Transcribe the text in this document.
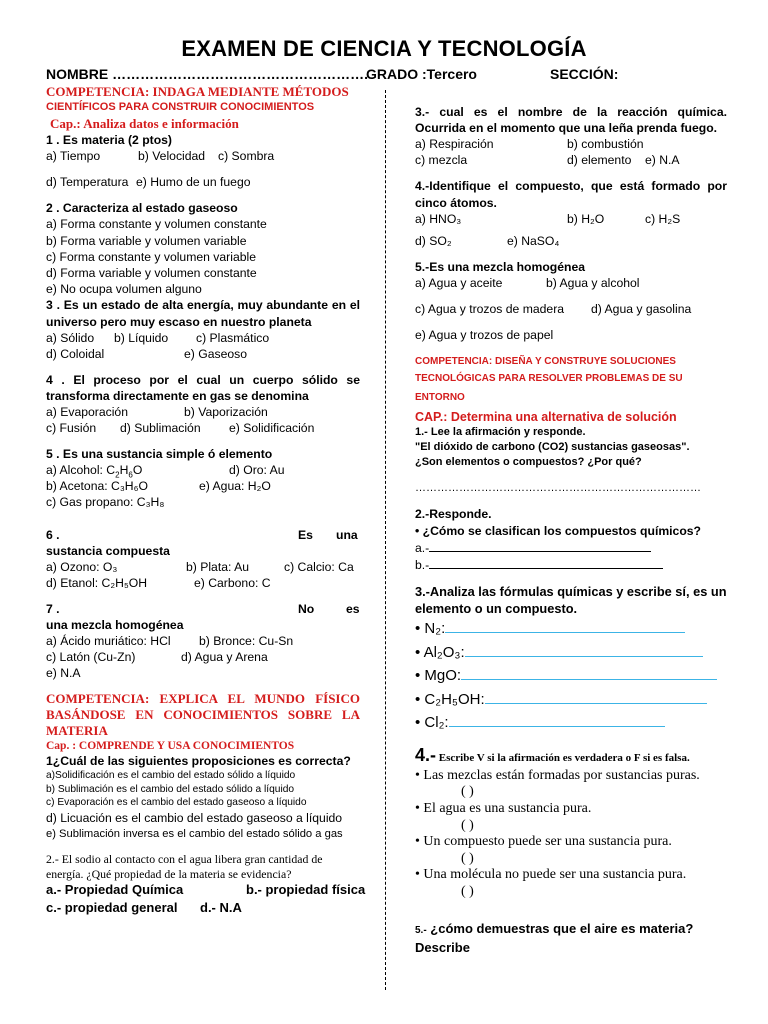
EXAMEN DE CIENCIA Y TECNOLOGÍA
NOMBRE ……………………………………………….
GRADO :Tercero	SECCIÓN:

COMPETENCIA: INDAGA MEDIANTE MÉTODOS

CIENTÍFICOS PARA CONSTRUIR CONOCIMIENTOS

Cap.: Analiza datos e información

1 . Es materia (2 ptos)

a) Tiempo	b) Velocidad c) Sombra
d) Temperatura e) Humo de un fuego

2 . Caracteriza al estado gaseoso

a) Forma constante y volumen constante

b) Forma variable y volumen variable

c) Forma constante y volumen variable

d) Forma variable y volumen constante

e) No ocupa volumen alguno

3 . Es un estado de alta energía, muy abundante en el universo pero muy escaso en nuestro planeta

a) Sólido b) Líquido c) Plasmático
d) Coloidal	e) Gaseoso

4 . El proceso por el cual un cuerpo sólido se transforma directamente en gas se denomina

a) Evaporación	b) Vaporización
c) Fusión d) Sublimación e) Solidificación

5 . Es una sustancia simple ó elemento

a) Alcohol: $C_2H_6O$	d) Oro: Au
b) Acetona: C₃H₆O	e) Agua: H₂O

c) Gas propano: C₃H₈

6 .	Es una

sustancia compuesta

a) Ozono: O₃	b) Plata: Au	c) Calcio: Ca
d) Etanol: C₂H₅OH	e) Carbono: C
7 .	No	es

una mezcla homogénea

a) Ácido muriático: HCl b) Bronce: Cu-Sn
c) Latón (Cu-Zn)	d) Agua y Arena

e) N.A

COMPETENCIA: EXPLICA EL MUNDO FÍSICO BASÁNDOSE EN CONOCIMIENTOS SOBRE LA MATERIA

Cap. : COMPRENDE Y USA CONOCIMIENTOS

1¿Cuál de las siguientes proposiciones es correcta?

a)Solidificación es el cambio del estado sólido a líquido

b) Sublimación es el cambio del estado sólido a líquido

c) Evaporación es el cambio del estado gaseoso a líquido

d) Licuación es el cambio del estado gaseoso a líquido

e) Sublimación inversa es el cambio del estado sólido a gas

2.- El sodio al contacto con el agua libera gran cantidad de energía. ¿Qué propiedad de la materia se evidencia?

a.- Propiedad Química	b.- propiedad física
c.- propiedad general d.- N.A

3.- cual es el nombre de la reacción química. Ocurrida en el momento que una leña prenda fuego.

a) Respiración	b) combustión
c) mezcla	d) elemento e) N.A

4.-Identifique el compuesto, que está formado por cinco átomos.

a) HNO₃	b) H₂O	c) H₂S
d) SO₂	e) NaSO₄

5.-Es una mezcla homogénea

a) Agua y aceite	b) Agua y alcohol
c) Agua y trozos de madera d) Agua y gasolina

e) Agua y trozos de papel

COMPETENCIA: DISEÑA Y CONSTRUYE SOLUCIONES

TECNOLÓGICAS PARA RESOLVER PROBLEMAS DE SU

ENTORNO

CAP.: Determina una alternativa de solución

1.- Lee la afirmación y responde.

"El dióxido de carbono (CO2) sustancias gaseosas".

¿Son elementos o compuestos? ¿Por qué?

……………………………………………………………………

2.-Responde.

• ¿Cómo se clasifican los compuestos químicos?

a.-

b.-

3.-Analiza las fórmulas químicas y escribe sí, es un elemento o un compuesto.

• N₂:
• Al₂O₃:
• MgO:
• C₂H₅OH:
• Cl₂:

4.- Escribe V si la afirmación es verdadera o F si es falsa.

• Las mezclas están formadas por sustancias puras.
( )
• El agua es una sustancia pura.
( )
• Un compuesto puede ser una sustancia pura.
( )
• Una molécula no puede ser una sustancia pura.
( )

5.- ¿cómo demuestras que el aire es materia? Describe
